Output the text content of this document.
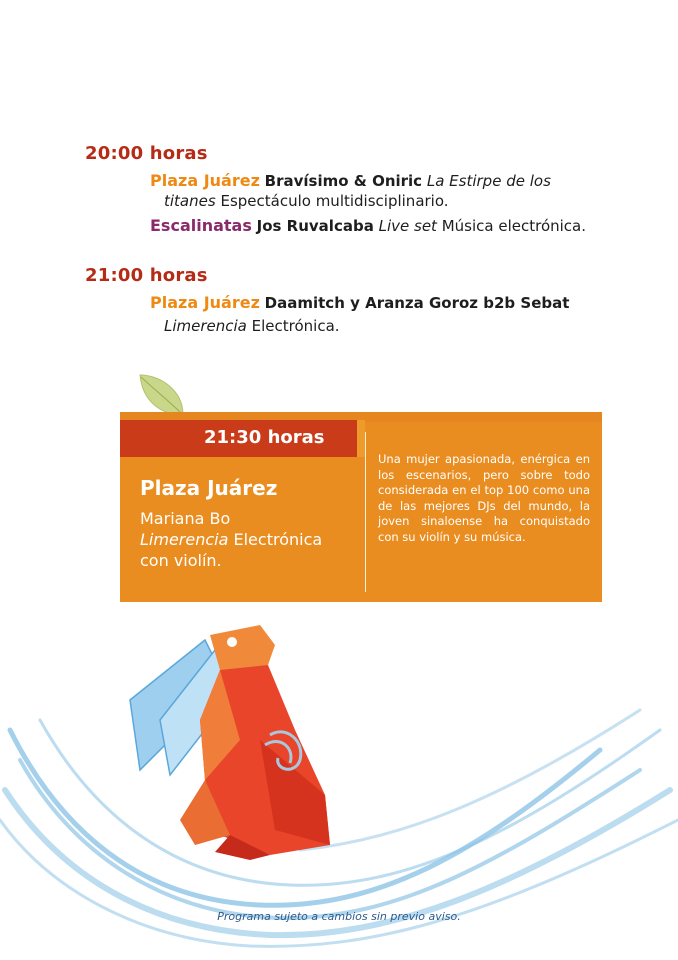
20:00 horas
Plaza Juárez Bravísimo & Oniric La Estirpe de los
titanes Espectáculo multidisciplinario.
Escalinatas Jos Ruvalcaba Live set Música electrónica.
21:00 horas
Plaza Juárez Daamitch y Aranza Goroz b2b Sebat
Limerencia Electrónica.
21:30 horas
Plaza Juárez
Mariana Bo
Limerencia Electrónica
con violín.
Una mujer apasionada, enérgica en los escenarios, pero sobre todo considerada en el top 100 como una de las mejores DJs del mundo, la joven sinaloense ha conquistado con su violín y su música.
Programa sujeto a cambios sin previo aviso.
